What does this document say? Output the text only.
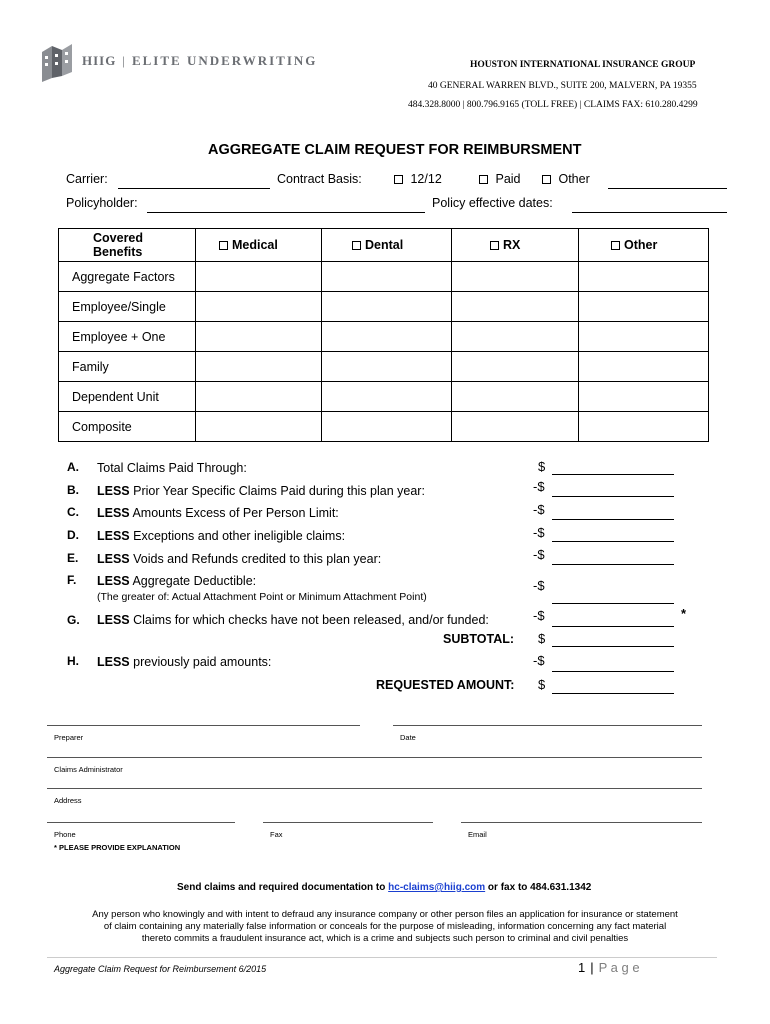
HIIG | ELITE UNDERWRITING	HOUSTON INTERNATIONAL INSURANCE GROUP
40 GENERAL WARREN BLVD., SUITE 200, MALVERN, PA 19355
484.328.8000 | 800.796.9165 (TOLL FREE) | CLAIMS FAX: 610.280.4299
AGGREGATE CLAIM REQUEST FOR REIMBURSMENT
Carrier:	Contract Basis:	12/12	Paid	Other
Policyholder:	Policy effective dates:
Covered
Benefits	Medical	Dental	RX	Other
Aggregate Factors				
Employee/Single				
Employee + One				
Family				
Dependent Unit				
Composite				
A. Total Claims Paid Through:	$
B. LESS Prior Year Specific Claims Paid during this plan year:	-$
C. LESS Amounts Excess of Per Person Limit:	-$
D. LESS Exceptions and other ineligible claims:	-$
E. LESS Voids and Refunds credited to this plan year:	-$
F. LESS Aggregate Deductible:
(The greater of: Actual Attachment Point or Minimum Attachment Point)
-$
G. LESS Claims for which checks have not been released, and/or funded:	-$	*
SUBTOTAL: $
H. LESS previously paid amounts:	-$
REQUESTED AMOUNT: $
Preparer	Date
Claims Administrator
Address
Phone	Fax	Email
* PLEASE PROVIDE EXPLANATION
Send claims and required documentation to hc-claims@hiig.com or fax to 484.631.1342
Any person who knowingly and with intent to defraud any insurance company or other person files an application for insurance or statement
of claim containing any materially false information or conceals for the purpose of misleading, information concerning any fact material
thereto commits a fraudulent insurance act, which is a crime and subjects such person to criminal and civil penalties
Aggregate Claim Request for Reimbursement 6/2015	1 | P a g e
